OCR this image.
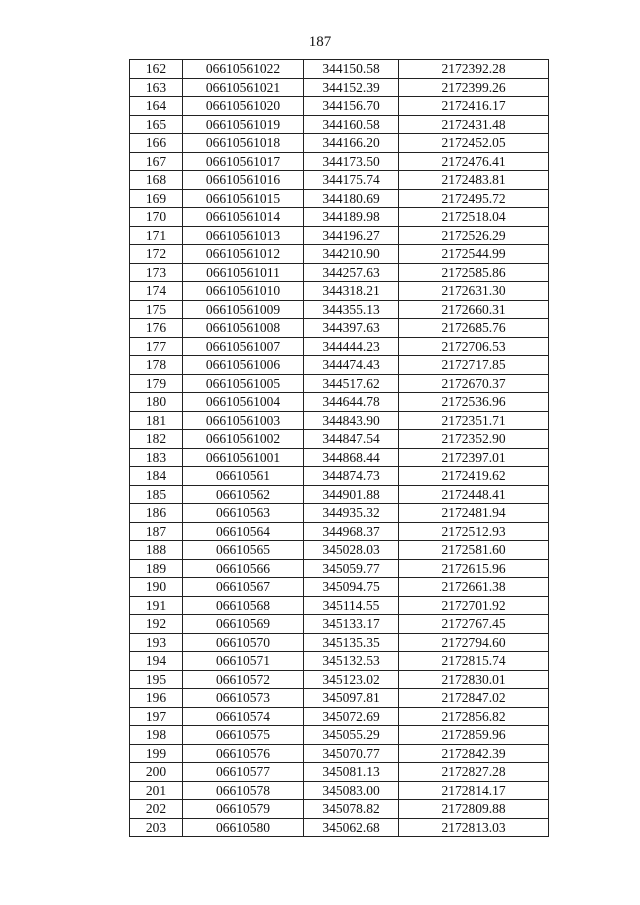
187
162	06610561022	344150.58	2172392.28
163	06610561021	344152.39	2172399.26
164	06610561020	344156.70	2172416.17
165	06610561019	344160.58	2172431.48
166	06610561018	344166.20	2172452.05
167	06610561017	344173.50	2172476.41
168	06610561016	344175.74	2172483.81
169	06610561015	344180.69	2172495.72
170	06610561014	344189.98	2172518.04
171	06610561013	344196.27	2172526.29
172	06610561012	344210.90	2172544.99
173	06610561011	344257.63	2172585.86
174	06610561010	344318.21	2172631.30
175	06610561009	344355.13	2172660.31
176	06610561008	344397.63	2172685.76
177	06610561007	344444.23	2172706.53
178	06610561006	344474.43	2172717.85
179	06610561005	344517.62	2172670.37
180	06610561004	344644.78	2172536.96
181	06610561003	344843.90	2172351.71
182	06610561002	344847.54	2172352.90
183	06610561001	344868.44	2172397.01
184	06610561	344874.73	2172419.62
185	06610562	344901.88	2172448.41
186	06610563	344935.32	2172481.94
187	06610564	344968.37	2172512.93
188	06610565	345028.03	2172581.60
189	06610566	345059.77	2172615.96
190	06610567	345094.75	2172661.38
191	06610568	345114.55	2172701.92
192	06610569	345133.17	2172767.45
193	06610570	345135.35	2172794.60
194	06610571	345132.53	2172815.74
195	06610572	345123.02	2172830.01
196	06610573	345097.81	2172847.02
197	06610574	345072.69	2172856.82
198	06610575	345055.29	2172859.96
199	06610576	345070.77	2172842.39
200	06610577	345081.13	2172827.28
201	06610578	345083.00	2172814.17
202	06610579	345078.82	2172809.88
203	06610580	345062.68	2172813.03
